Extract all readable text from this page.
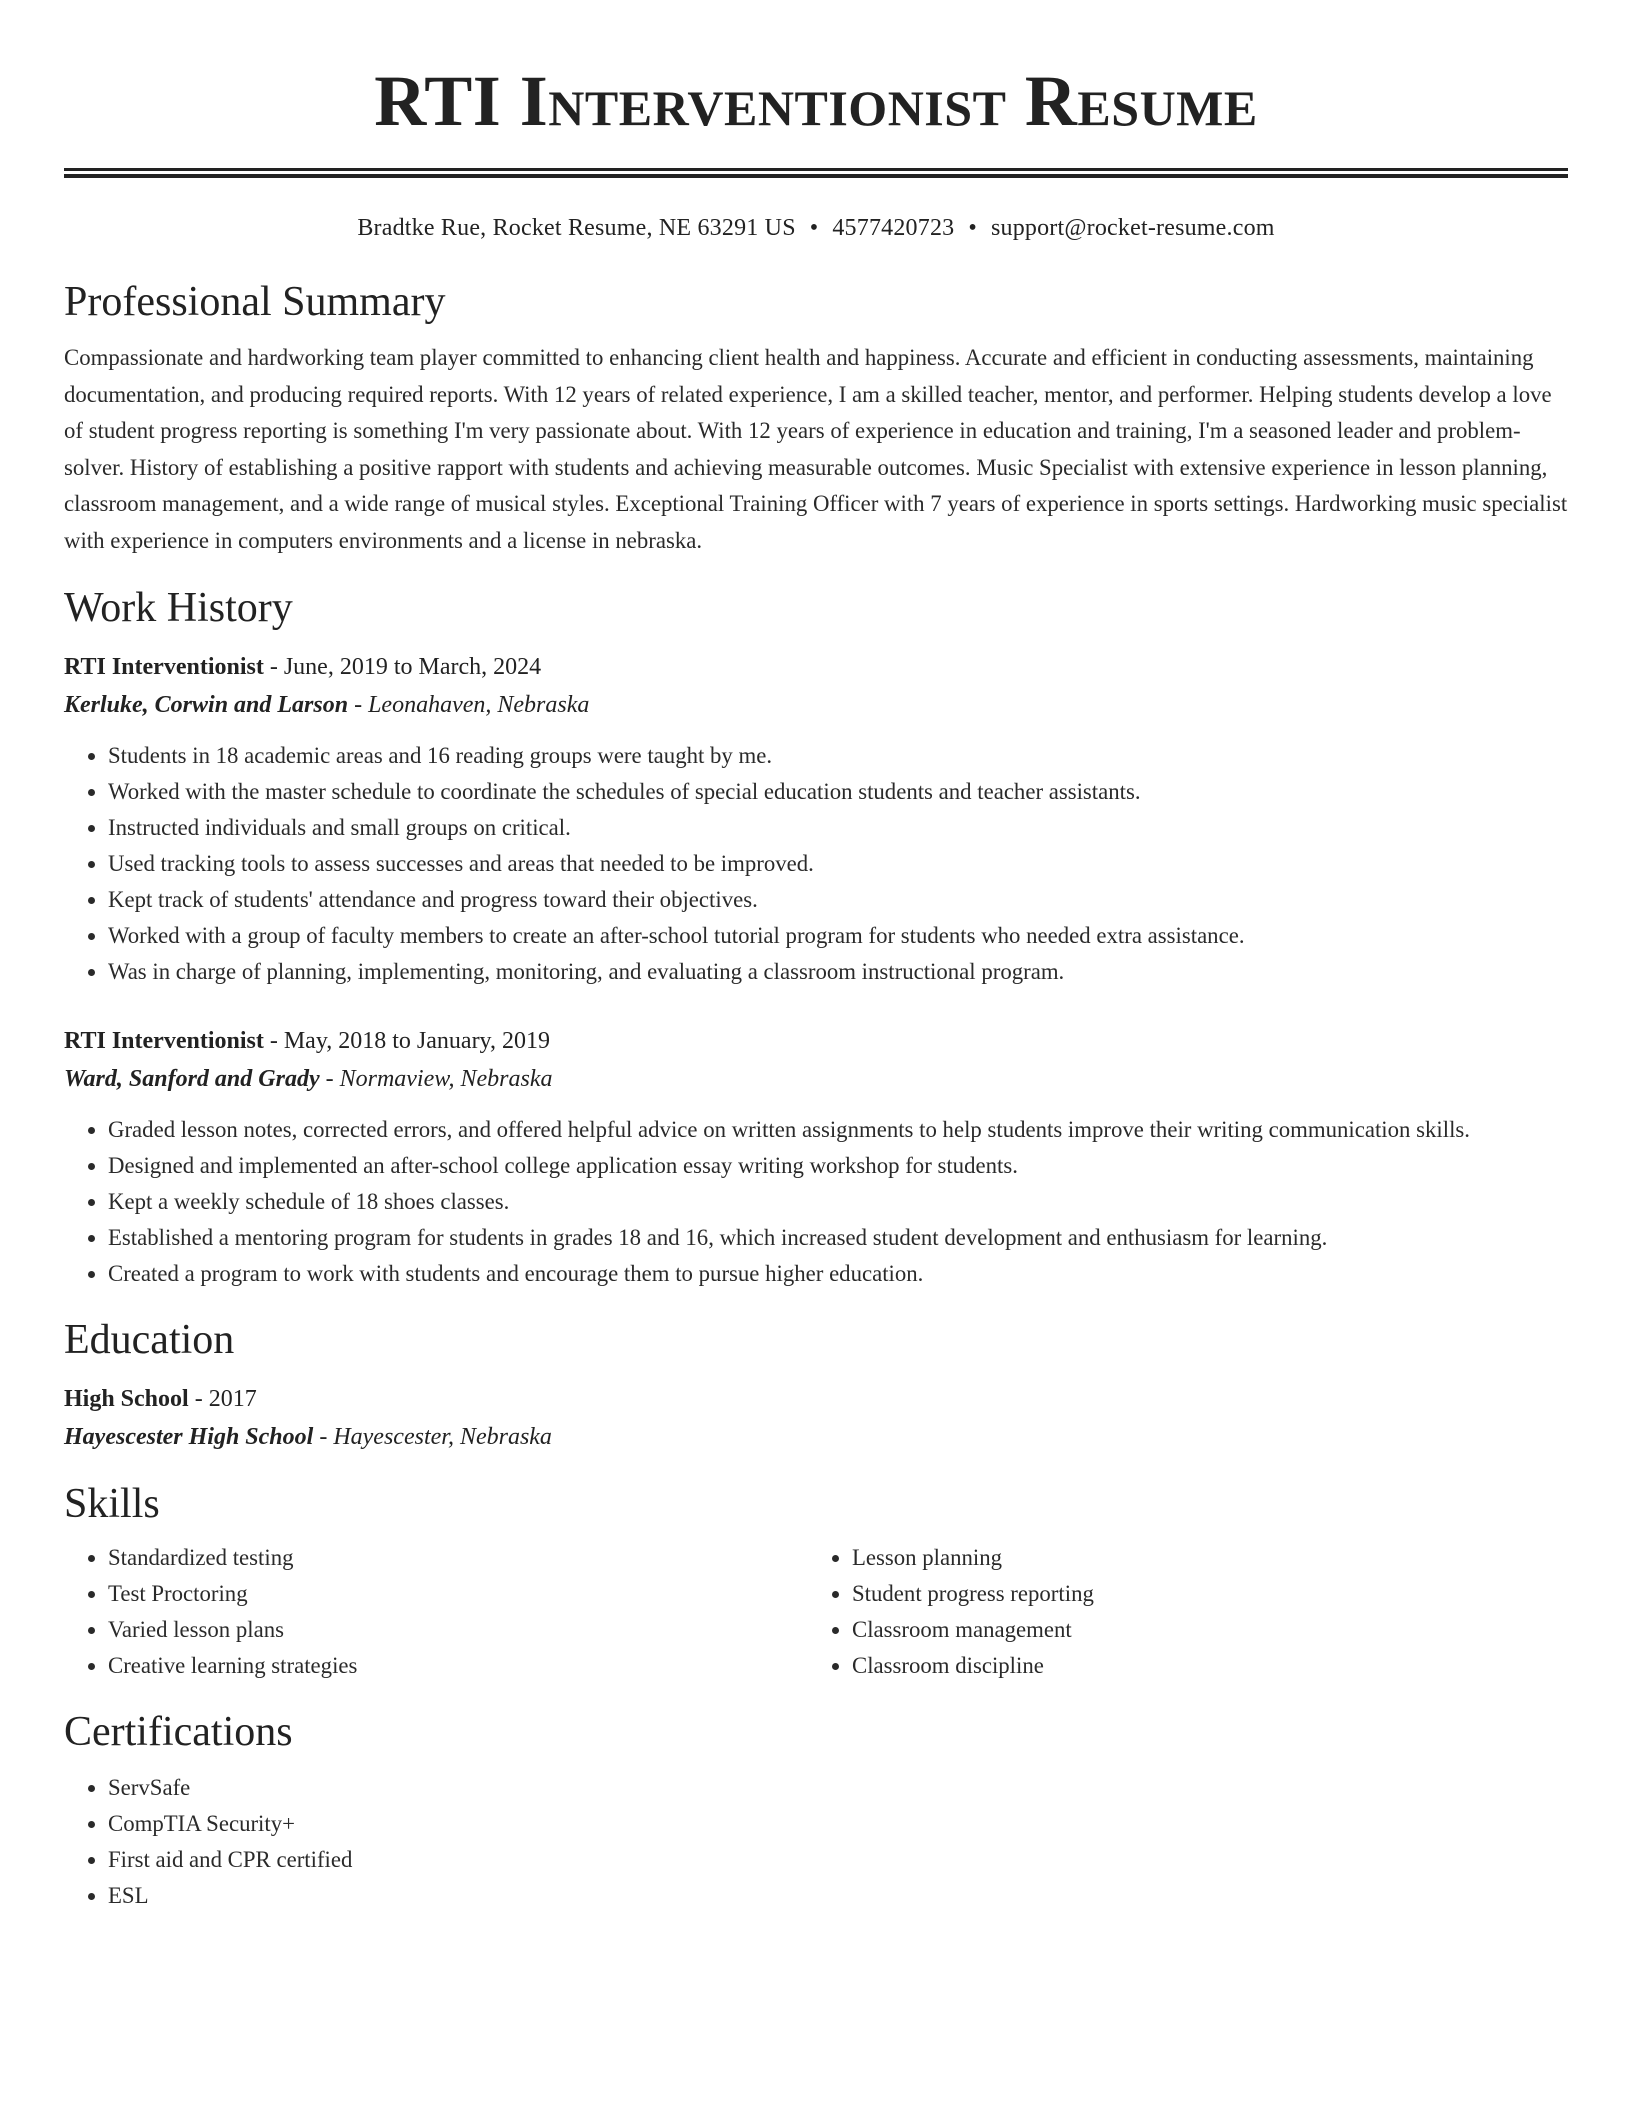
RTI Interventionist Resume
Bradtke Rue, Rocket Resume, NE 63291 US • 4577420723 • support@rocket-resume.com
Professional Summary

Compassionate and hardworking team player committed to enhancing client health and happiness. Accurate and efficient in conducting assessments, maintaining documentation, and producing required reports. With 12 years of related experience, I am a skilled teacher, mentor, and performer. Helping students develop a love of student progress reporting is something I'm very passionate about. With 12 years of experience in education and training, I'm a seasoned leader and problem-solver. History of establishing a positive rapport with students and achieving measurable outcomes. Music Specialist with extensive experience in lesson planning, classroom management, and a wide range of musical styles. Exceptional Training Officer with 7 years of experience in sports settings. Hardworking music specialist with experience in computers environments and a license in nebraska.

Work History

RTI Interventionist - June, 2019 to March, 2024

Kerluke, Corwin and Larson - Leonahaven, Nebraska

• Students in 18 academic areas and 16 reading groups were taught by me.
• Worked with the master schedule to coordinate the schedules of special education students and teacher assistants.
• Instructed individuals and small groups on critical.
• Used tracking tools to assess successes and areas that needed to be improved.
• Kept track of students' attendance and progress toward their objectives.
• Worked with a group of faculty members to create an after-school tutorial program for students who needed extra assistance.
• Was in charge of planning, implementing, monitoring, and evaluating a classroom instructional program.

RTI Interventionist - May, 2018 to January, 2019

Ward, Sanford and Grady - Normaview, Nebraska

• Graded lesson notes, corrected errors, and offered helpful advice on written assignments to help students improve their writing communication skills.
• Designed and implemented an after-school college application essay writing workshop for students.
• Kept a weekly schedule of 18 shoes classes.
• Established a mentoring program for students in grades 18 and 16, which increased student development and enthusiasm for learning.
• Created a program to work with students and encourage them to pursue higher education.
Education

High School - 2017

Hayescester High School - Hayescester, Nebraska

Skills
• Standardized testing
• Test Proctoring
• Varied lesson plans
• Creative learning strategies
• Lesson planning
• Student progress reporting
• Classroom management
• Classroom discipline
Certifications
• ServSafe
• CompTIA Security+
• First aid and CPR certified
• ESL
